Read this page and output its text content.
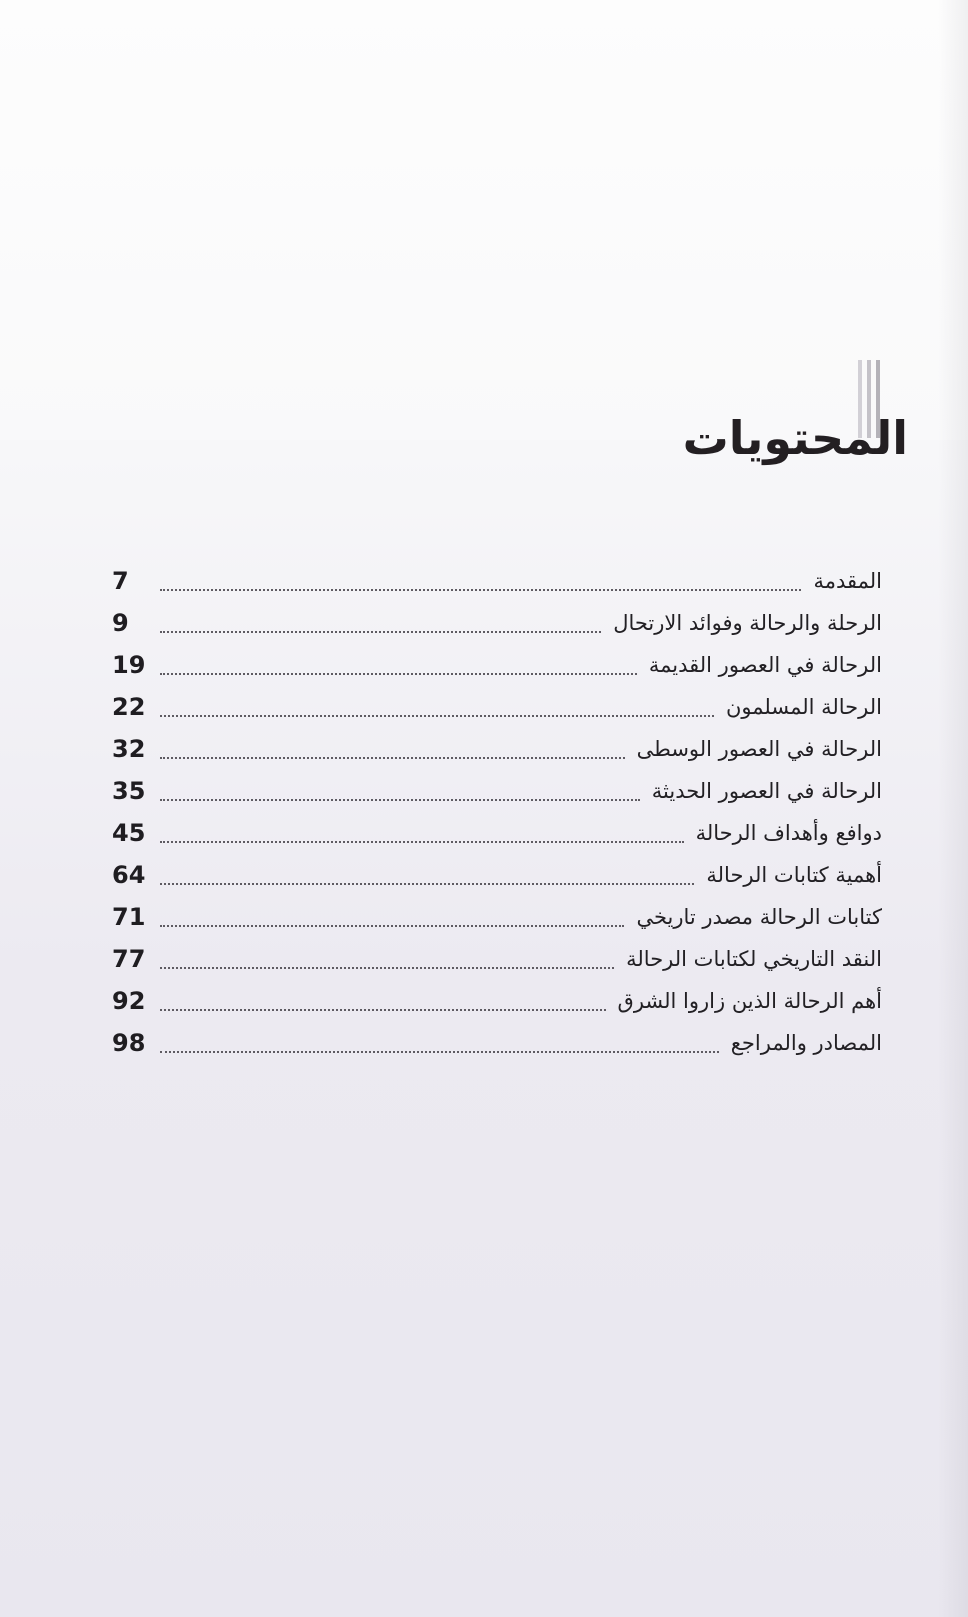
المحتويات
المقدمة
7
الرحلة والرحالة وفوائد الارتحال
9
الرحالة في العصور القديمة
19
الرحالة المسلمون
22
الرحالة في العصور الوسطى
32
الرحالة في العصور الحديثة
35
دوافع وأهداف الرحالة
45
أهمية كتابات الرحالة
64
كتابات الرحالة مصدر تاريخي
71
النقد التاريخي لكتابات الرحالة
77
أهم الرحالة الذين زاروا الشرق
92
المصادر والمراجع
98
